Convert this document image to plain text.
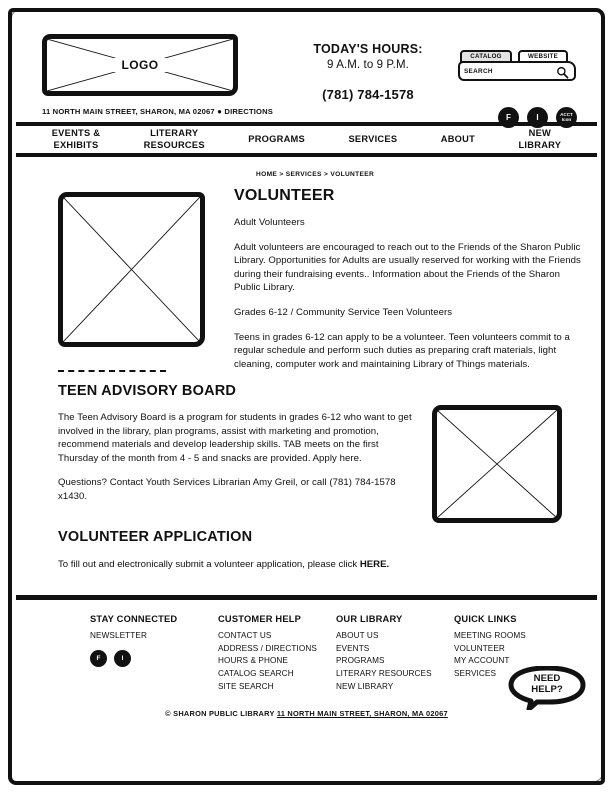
LOGO
11 NORTH MAIN STREET, SHARON, MA 02067 ● DIRECTIONS
TODAY'S HOURS:
9 A.M. to 9 P.M.
(781) 784-1578
CATALOG	WEBSITE
SEARCH
F	I	ACCT
Icon
EVENTS &
EXHIBITS
LITERARY
RESOURCES
PROGRAMS	SERVICES	ABOUT
NEW
LIBRARY
HOME > SERVICES > VOLUNTEER
VOLUNTEER

Adult Volunteers

Adult volunteers are encouraged to reach out to the Friends of the Sharon Public Library. Opportunities for Adults are usually reserved for working with the Friends during their fundraising events.. Information about the Friends of the Sharon Public Library.

Grades 6-12 / Community Service Teen Volunteers

Teens in grades 6-12 can apply to be a volunteer. Teen volunteers commit to a regular schedule and perform such duties as preparing craft materials, light cleaning, computer work and maintaining Library of Things materials.

TEEN ADVISORY BOARD

The Teen Advisory Board is a program for students in grades 6-12 who want to get involved in the library, plan programs, assist with marketing and promotion, recommend materials and develop leadership skills. TAB meets on the first Thursday of the month from 4 - 5 and snacks are provided. Apply here.

Questions? Contact Youth Services Librarian Amy Greil, or call (781) 784-1578 x1430.

VOLUNTEER APPLICATION

To fill out and electronically submit a volunteer application, please click HERE.

STAY CONNECTED
NEWSLETTER
F	I
CUSTOMER HELP
CONTACT US
ADDRESS / DIRECTIONS
HOURS & PHONE
CATALOG SEARCH
SITE SEARCH
OUR LIBRARY
ABOUT US
EVENTS
PROGRAMS
LITERARY RESOURCES
NEW LIBRARY
QUICK LINKS
MEETING ROOMS
VOLUNTEER
MY ACCOUNT
SERVICES
© SHARON PUBLIC LIBRARY 11 NORTH MAIN STREET, SHARON, MA 02067
NEED
HELP?
